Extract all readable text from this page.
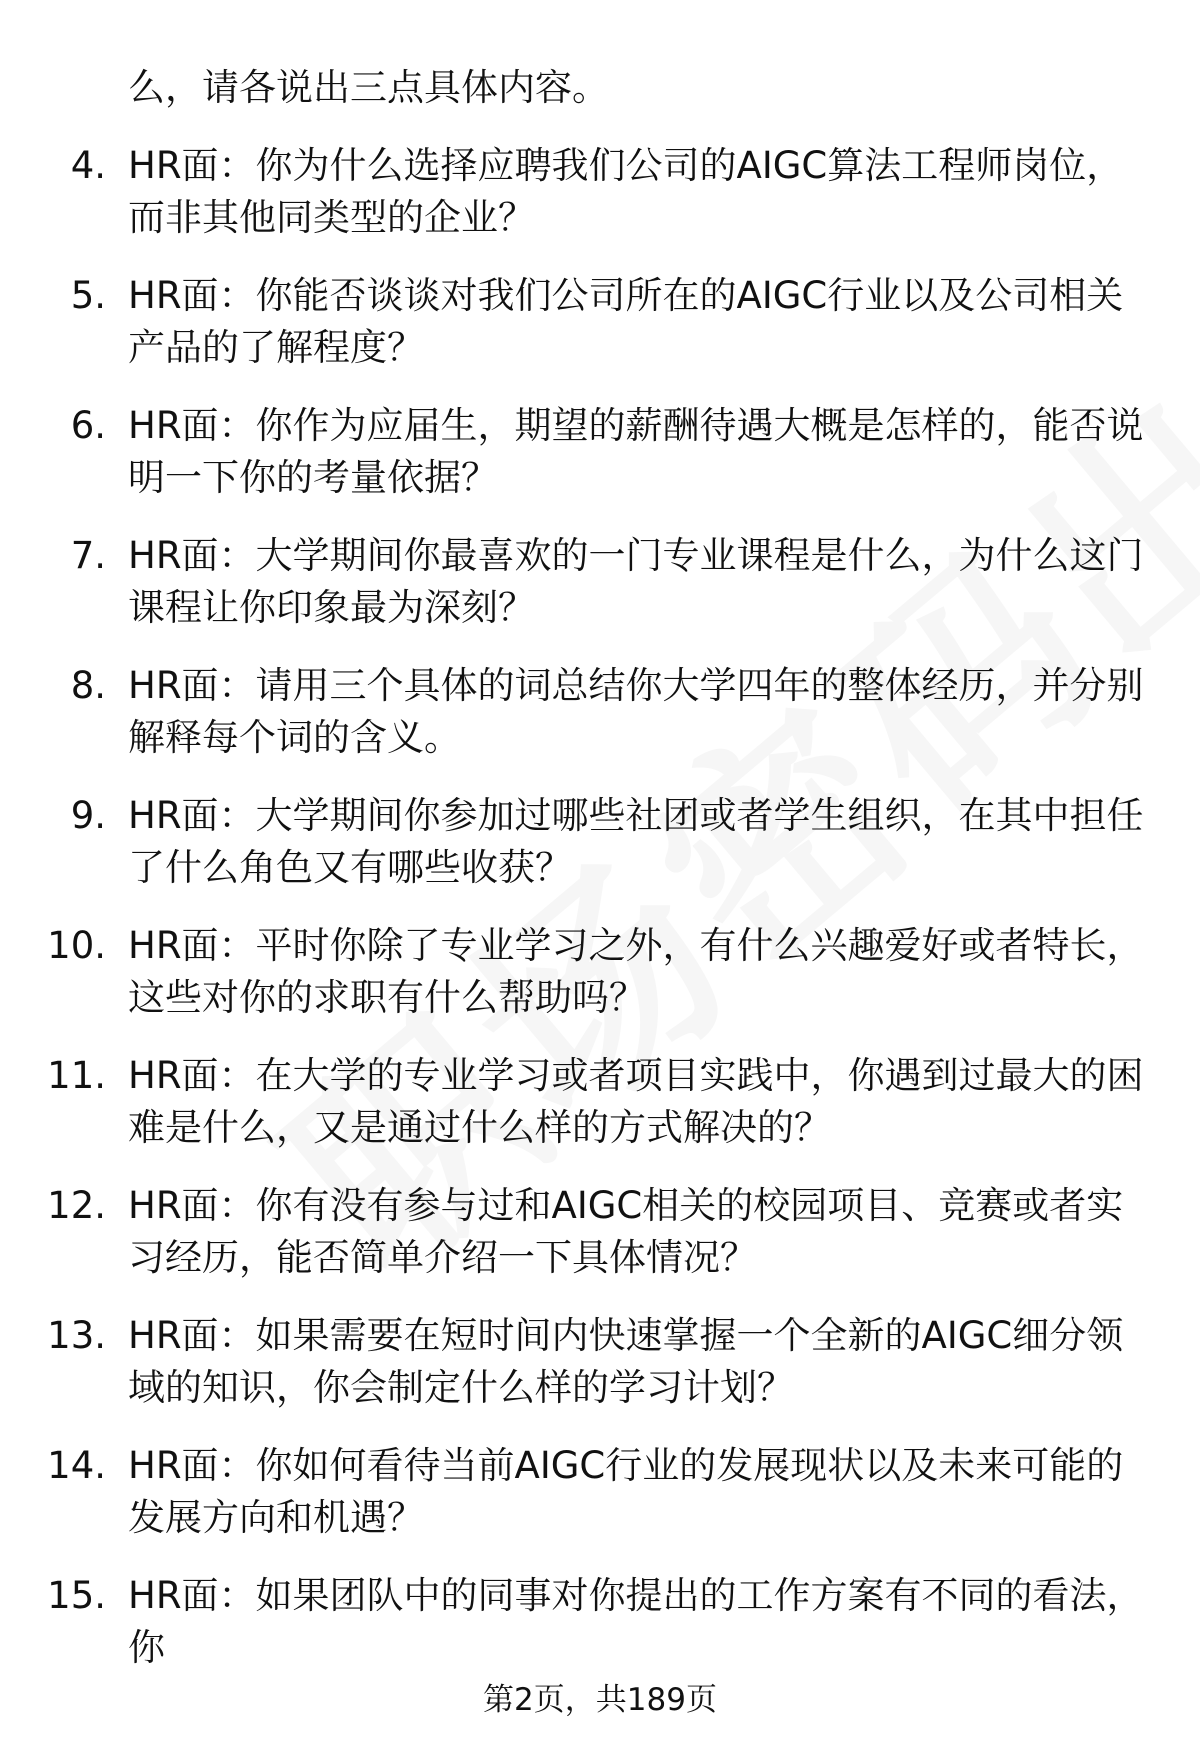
么，请各说出三点具体内容。

4. HR面：你为什么选择应聘我们公司的AIGC算法工程师岗位，而非其他同类型的企业？

5. HR面：你能否谈谈对我们公司所在的AIGC行业以及公司相关产品的了解程度？

6. HR面：你作为应届生，期望的薪酬待遇大概是怎样的，能否说明一下你的考量依据？

7. HR面：大学期间你最喜欢的一门专业课程是什么，为什么这门课程让你印象最为深刻？

8. HR面：请用三个具体的词总结你大学四年的整体经历，并分别解释每个词的含义。

9. HR面：大学期间你参加过哪些社团或者学生组织，在其中担任了什么角色又有哪些收获？

10. HR面：平时你除了专业学习之外，有什么兴趣爱好或者特长，这些对你的求职有什么帮助吗？

11. HR面：在大学的专业学习或者项目实践中，你遇到过最大的困难是什么，又是通过什么样的方式解决的？

12. HR面：你有没有参与过和AIGC相关的校园项目、竞赛或者实习经历，能否简单介绍一下具体情况？

13. HR面：如果需要在短时间内快速掌握一个全新的AIGC细分领域的知识，你会制定什么样的学习计划？

14. HR面：你如何看待当前AIGC行业的发展现状以及未来可能的发展方向和机遇？

15. HR面：如果团队中的同事对你提出的工作方案有不同的看法，你

第2页，共189页
